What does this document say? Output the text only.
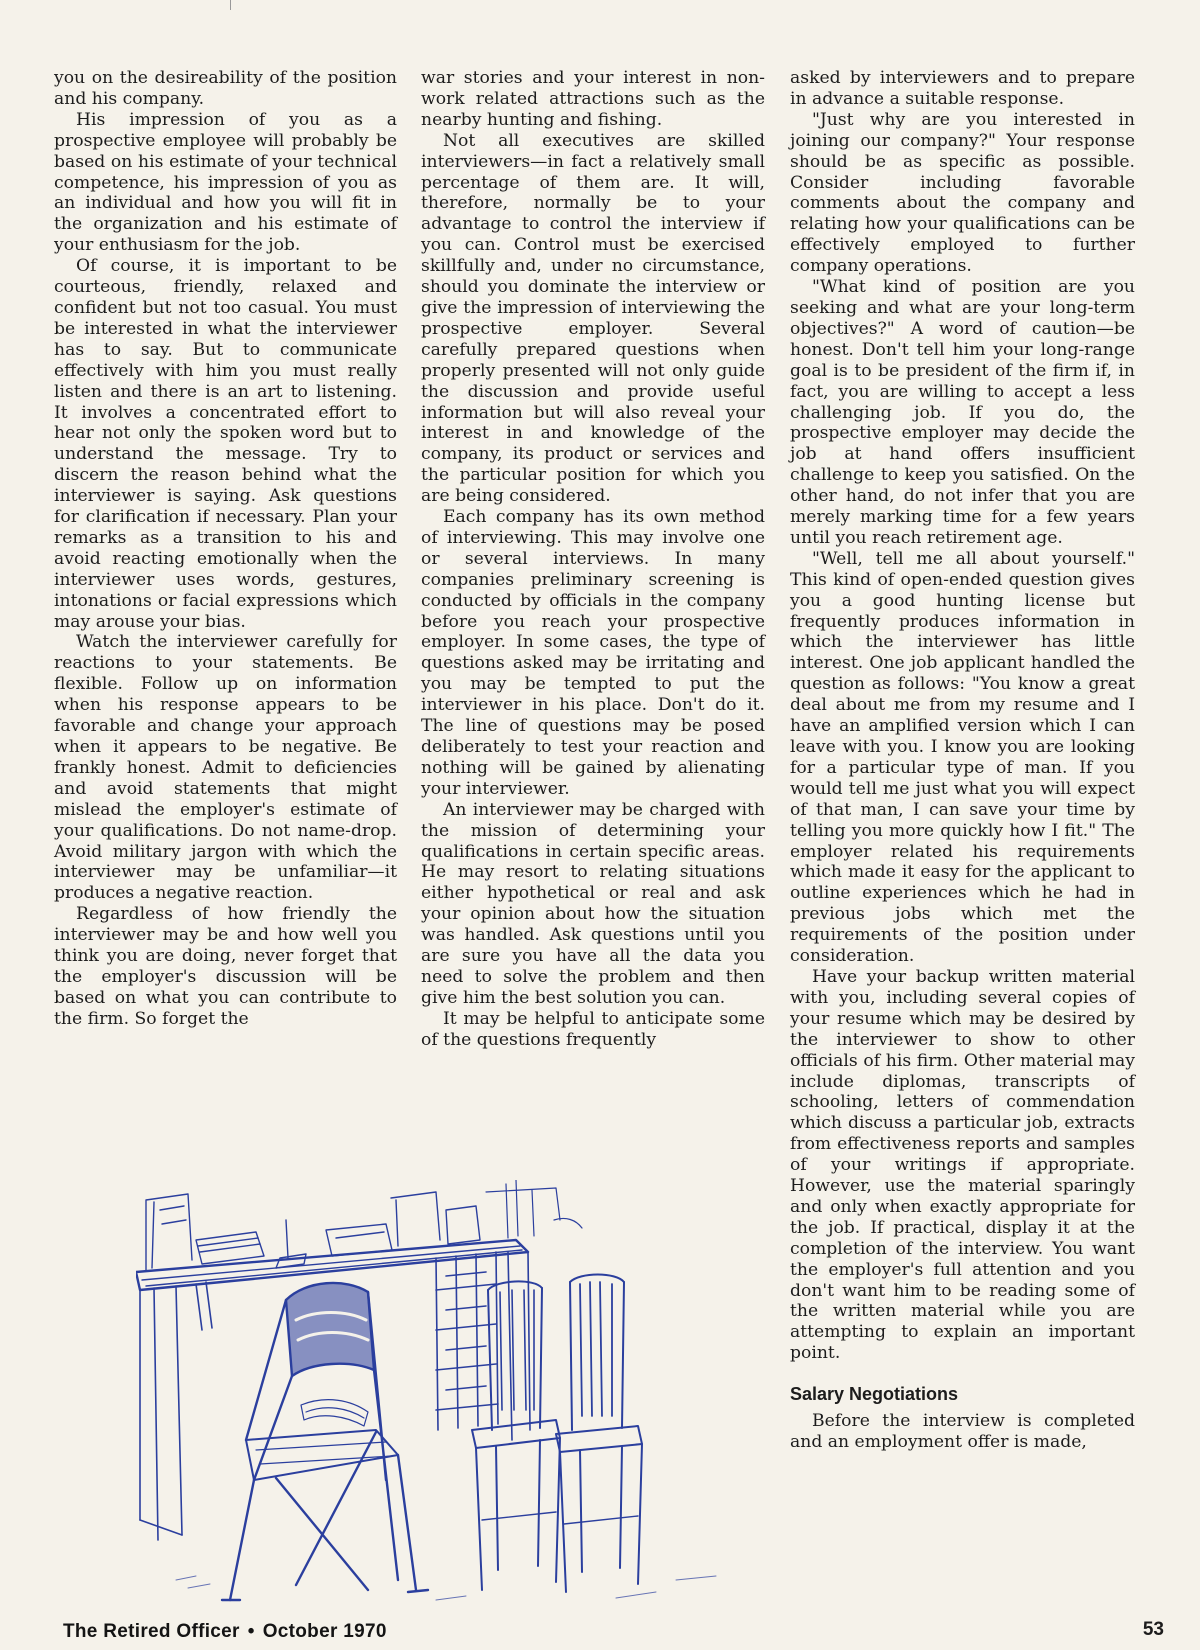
you on the desireability of the position and his company.

His impression of you as a prospective employee will probably be based on his estimate of your technical competence, his impression of you as an individual and how you will fit in the organization and his estimate of your enthusiasm for the job.

Of course, it is important to be courteous, friendly, relaxed and confident but not too casual. You must be interested in what the interviewer has to say. But to communicate effectively with him you must really listen and there is an art to listening. It involves a concentrated effort to hear not only the spoken word but to understand the message. Try to discern the reason behind what the interviewer is saying. Ask questions for clarification if necessary. Plan your remarks as a transition to his and avoid reacting emotionally when the interviewer uses words, gestures, intonations or facial expressions which may arouse your bias.

Watch the interviewer carefully for reactions to your statements. Be flexible. Follow up on information when his response appears to be favorable and change your approach when it appears to be negative. Be frankly honest. Admit to deficiencies and avoid statements that might mislead the employer's estimate of your qualifications. Do not name-drop. Avoid military jargon with which the interviewer may be unfamiliar—it produces a negative reaction.

Regardless of how friendly the interviewer may be and how well you think you are doing, never forget that the employer's discussion will be based on what you can contribute to the firm. So forget the

war stories and your interest in non-work related attractions such as the nearby hunting and fishing.

Not all executives are skilled interviewers—in fact a relatively small percentage of them are. It will, therefore, normally be to your advantage to control the interview if you can. Control must be exercised skillfully and, under no circumstance, should you dominate the interview or give the impression of interviewing the prospective employer. Several carefully prepared questions when properly presented will not only guide the discussion and provide useful information but will also reveal your interest in and knowledge of the company, its product or services and the particular position for which you are being considered.

Each company has its own method of interviewing. This may involve one or several interviews. In many companies preliminary screening is conducted by officials in the company before you reach your prospective employer. In some cases, the type of questions asked may be irritating and you may be tempted to put the interviewer in his place. Don't do it. The line of questions may be posed deliberately to test your reaction and nothing will be gained by alienating your interviewer.

An interviewer may be charged with the mission of determining your qualifications in certain specific areas. He may resort to relating situations either hypothetical or real and ask your opinion about how the situation was handled. Ask questions until you are sure you have all the data you need to solve the problem and then give him the best solution you can.

It may be helpful to anticipate some of the questions frequently

asked by interviewers and to prepare in advance a suitable response.

"Just why are you interested in joining our company?" Your response should be as specific as possible. Consider including favorable comments about the company and relating how your qualifications can be effectively employed to further company operations.

"What kind of position are you seeking and what are your long-term objectives?" A word of caution—be honest. Don't tell him your long-range goal is to be president of the firm if, in fact, you are willing to accept a less challenging job. If you do, the prospective employer may decide the job at hand offers insufficient challenge to keep you satisfied. On the other hand, do not infer that you are merely marking time for a few years until you reach retirement age.

"Well, tell me all about yourself." This kind of open-ended question gives you a good hunting license but frequently produces information in which the interviewer has little interest. One job applicant handled the question as follows: "You know a great deal about me from my resume and I have an amplified version which I can leave with you. I know you are looking for a particular type of man. If you would tell me just what you will expect of that man, I can save your time by telling you more quickly how I fit." The employer related his requirements which made it easy for the applicant to outline experiences which he had in previous jobs which met the requirements of the position under consideration.

Have your backup written material with you, including several copies of your resume which may be desired by the interviewer to show to other officials of his firm. Other material may include diplomas, transcripts of schooling, letters of commendation which discuss a particular job, extracts from effectiveness reports and samples of your writings if appropriate. However, use the material sparingly and only when exactly appropriate for the job. If practical, display it at the completion of the interview. You want the employer's full attention and you don't want him to be reading some of the written material while you are attempting to explain an important point.

Salary Negotiations

Before the interview is completed and an employment offer is made,

The Retired Officer • October 1970	53
